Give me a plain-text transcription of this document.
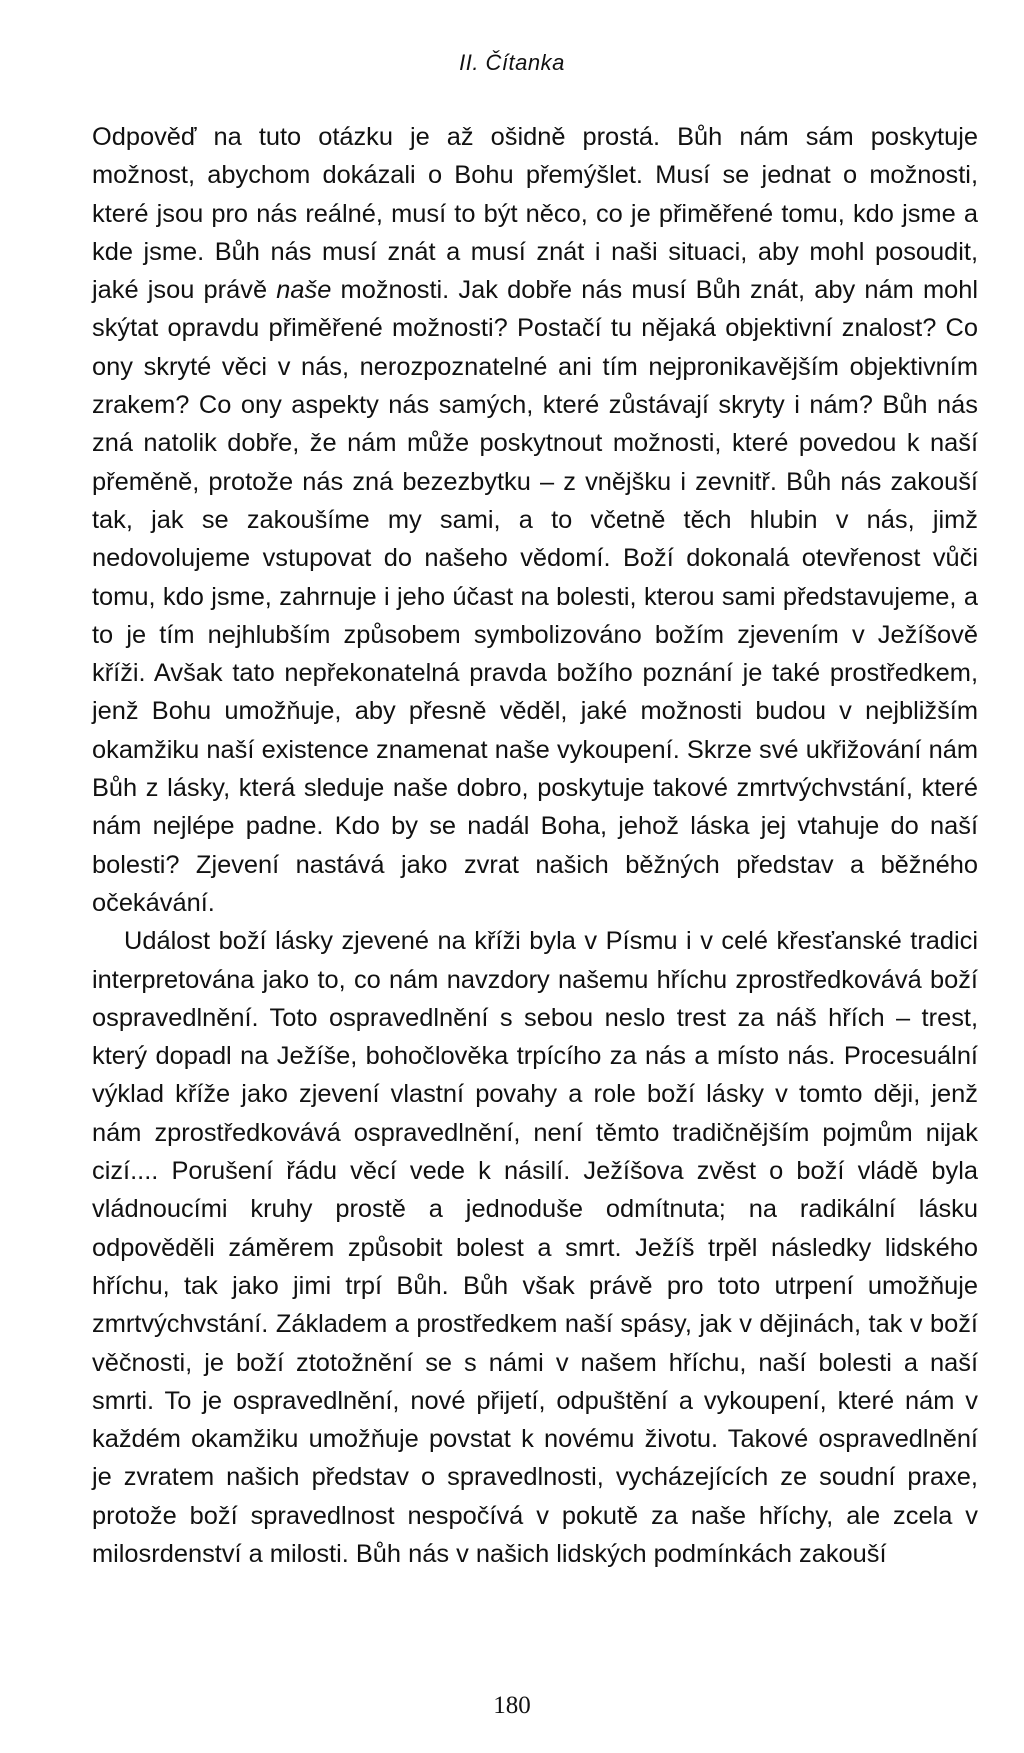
II. Čítanka

Odpověď na tuto otázku je až ošidně prostá. Bůh nám sám poskytuje možnost, abychom dokázali o Bohu přemýšlet. Musí se jednat o možnosti, které jsou pro nás reálné, musí to být něco, co je přiměřené tomu, kdo jsme a kde jsme. Bůh nás musí znát a musí znát i naši situaci, aby mohl posoudit, jaké jsou právě naše možnosti. Jak dobře nás musí Bůh znát, aby nám mohl skýtat opravdu přiměřené možnosti? Postačí tu nějaká objektivní znalost? Co ony skryté věci v nás, nerozpoznatelné ani tím nejpronikavějším objektivním zrakem? Co ony aspekty nás samých, které zůstávají skryty i nám? Bůh nás zná natolik dobře, že nám může poskytnout možnosti, které povedou k naší přeměně, protože nás zná bezezbytku – z vnějšku i zevnitř. Bůh nás zakouší tak, jak se zakoušíme my sami, a to včetně těch hlubin v nás, jimž nedovolujeme vstupovat do našeho vědomí. Boží dokonalá otevřenost vůči tomu, kdo jsme, zahrnuje i jeho účast na bolesti, kterou sami představujeme, a to je tím nejhlubším způsobem symbolizováno božím zjevením v Ježíšově kříži. Avšak tato nepřekonatelná pravda božího poznání je také prostředkem, jenž Bohu umožňuje, aby přesně věděl, jaké možnosti budou v nejbližším okamžiku naší existence znamenat naše vykoupení. Skrze své ukřižování nám Bůh z lásky, která sleduje naše dobro, poskytuje takové zmrtvýchvstání, které nám nejlépe padne. Kdo by se nadál Boha, jehož láska jej vtahuje do naší bolesti? Zjevení nastává jako zvrat našich běžných představ a běžného očekávání.

Událost boží lásky zjevené na kříži byla v Písmu i v celé křesťanské tradici interpretována jako to, co nám navzdory našemu hříchu zprostředkovává boží ospravedlnění. Toto ospravedlnění s sebou neslo trest za náš hřích – trest, který dopadl na Ježíše, bohočlověka trpícího za nás a místo nás. Procesuální výklad kříže jako zjevení vlastní povahy a role boží lásky v tomto ději, jenž nám zprostředkovává ospravedlnění, není těmto tradičnějším pojmům nijak cizí.... Porušení řádu věcí vede k násilí. Ježíšova zvěst o boží vládě byla vládnoucími kruhy prostě a jednoduše odmítnuta; na radikální lásku odpověděli záměrem způsobit bolest a smrt. Ježíš trpěl následky lidského hříchu, tak jako jimi trpí Bůh. Bůh však právě pro toto utrpení umožňuje zmrtvýchvstání. Základem a prostředkem naší spásy, jak v dějinách, tak v boží věčnosti, je boží ztotožnění se s námi v našem hříchu, naší bolesti a naší smrti. To je ospravedlnění, nové přijetí, odpuštění a vykoupení, které nám v každém okamžiku umožňuje povstat k novému životu. Takové ospravedlnění je zvratem našich představ o spravedlnosti, vycházejících ze soudní praxe, protože boží spravedlnost nespočívá v pokutě za naše hříchy, ale zcela v milosrdenství a milosti. Bůh nás v našich lidských podmínkách zakouší

180
